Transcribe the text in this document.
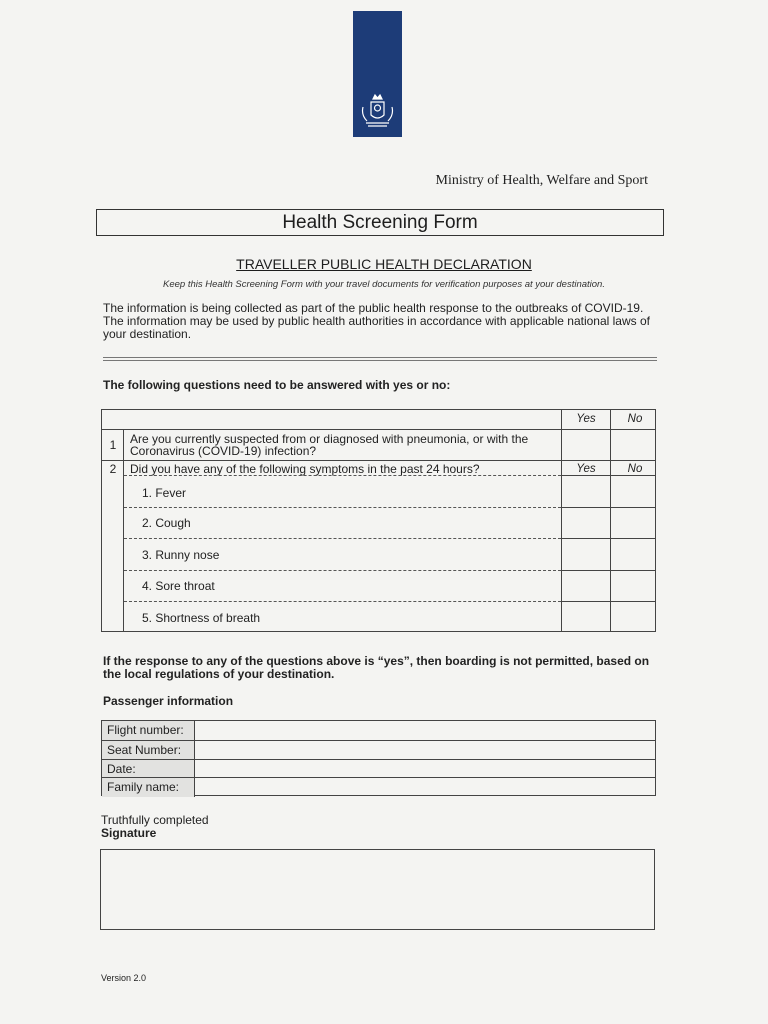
Ministry of Health, Welfare and Sport
Health Screening Form
TRAVELLER PUBLIC HEALTH DECLARATION
Keep this Health Screening Form with your travel documents for verification purposes at your destination.
The information is being collected as part of the public health response to the outbreaks of COVID-19. The information may be used by public health authorities in accordance with applicable national laws of your destination.
The following questions need to be answered with yes or no:
Yes	No
1	Are you currently suspected from or diagnosed with pneumonia, or with the Coronavirus (COVID-19) infection?
2	Did you have any of the following symptoms in the past 24 hours?	Yes	No
1. Fever
2. Cough
3. Runny nose
4. Sore throat
5. Shortness of breath
If the response to any of the questions above is “yes”, then boarding is not permitted, based on the local regulations of your destination.
Passenger information
Flight number:
Seat Number:
Date:
Family name:
Truthfully completed
Signature
Version 2.0
